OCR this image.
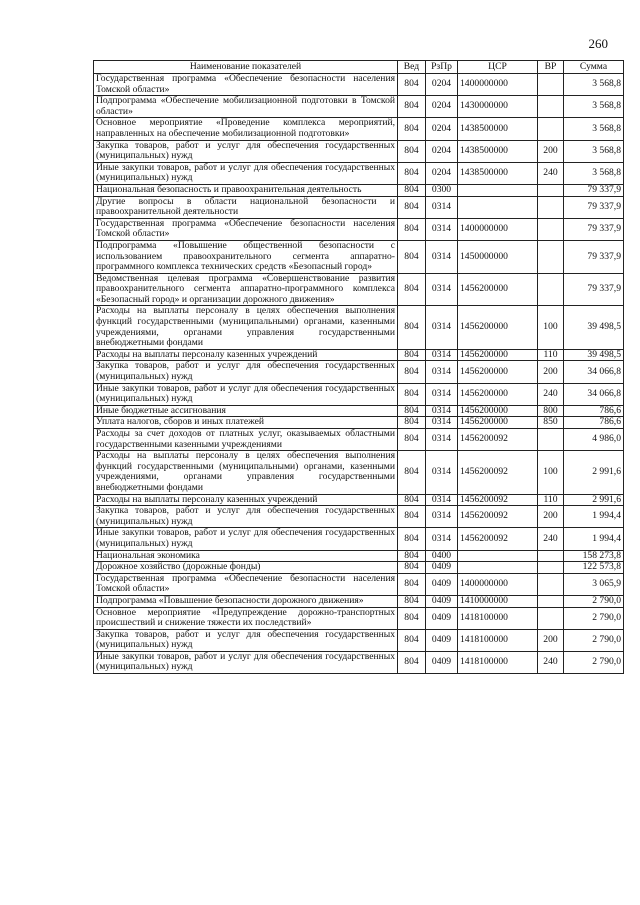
260
Наименование показателей	Вед	РзПр	ЦСР	ВР	Сумма
Государственная программа «Обеспечение безопасности населения Томской области»	804	0204	1400000000		3 568,8
Подпрограмма «Обеспечение мобилизационной подготовки в Томской области»	804	0204	1430000000		3 568,8
Основное мероприятие «Проведение комплекса мероприятий, направленных на обеспечение мобилизационной подготовки»	804	0204	1438500000		3 568,8
Закупка товаров, работ и услуг для обеспечения государственных (муниципальных) нужд	804	0204	1438500000	200	3 568,8
Иные закупки товаров, работ и услуг для обеспечения государственных (муниципальных) нужд	804	0204	1438500000	240	3 568,8
Национальная безопасность и правоохранительная деятельность	804	0300			79 337,9
Другие вопросы в области национальной безопасности и правоохранительной деятельности	804	0314			79 337,9
Государственная программа «Обеспечение безопасности населения Томской области»	804	0314	1400000000		79 337,9
Подпрограмма «Повышение общественной безопасности с использованием правоохранительного сегмента аппаратно-программного комплекса технических средств «Безопасный город»	804	0314	1450000000		79 337,9
Ведомственная целевая программа «Совершенствование развития правоохранительного сегмента аппаратно-программного комплекса «Безопасный город» и организации дорожного движения»	804	0314	1456200000		79 337,9
Расходы на выплаты персоналу в целях обеспечения выполнения функций государственными (муниципальными) органами, казенными учреждениями, органами управления государственными внебюджетными фондами	804	0314	1456200000	100	39 498,5
Расходы на выплаты персоналу казенных учреждений	804	0314	1456200000	110	39 498,5
Закупка товаров, работ и услуг для обеспечения государственных (муниципальных) нужд	804	0314	1456200000	200	34 066,8
Иные закупки товаров, работ и услуг для обеспечения государственных (муниципальных) нужд	804	0314	1456200000	240	34 066,8
Иные бюджетные ассигнования	804	0314	1456200000	800	786,6
Уплата налогов, сборов и иных платежей	804	0314	1456200000	850	786,6
Расходы за счет доходов от платных услуг, оказываемых областными государственными казенными учреждениями	804	0314	1456200092		4 986,0
Расходы на выплаты персоналу в целях обеспечения выполнения функций государственными (муниципальными) органами, казенными учреждениями, органами управления государственными внебюджетными фондами	804	0314	1456200092	100	2 991,6
Расходы на выплаты персоналу казенных учреждений	804	0314	1456200092	110	2 991,6
Закупка товаров, работ и услуг для обеспечения государственных (муниципальных) нужд	804	0314	1456200092	200	1 994,4
Иные закупки товаров, работ и услуг для обеспечения государственных (муниципальных) нужд	804	0314	1456200092	240	1 994,4
Национальная экономика	804	0400			158 273,8
Дорожное хозяйство (дорожные фонды)	804	0409			122 573,8
Государственная программа «Обеспечение безопасности населения Томской области»	804	0409	1400000000		3 065,9
Подпрограмма «Повышение безопасности дорожного движения»	804	0409	1410000000		2 790,0
Основное мероприятие «Предупреждение дорожно-транспортных происшествий и снижение тяжести их последствий»	804	0409	1418100000		2 790,0
Закупка товаров, работ и услуг для обеспечения государственных (муниципальных) нужд	804	0409	1418100000	200	2 790,0
Иные закупки товаров, работ и услуг для обеспечения государственных (муниципальных) нужд	804	0409	1418100000	240	2 790,0
